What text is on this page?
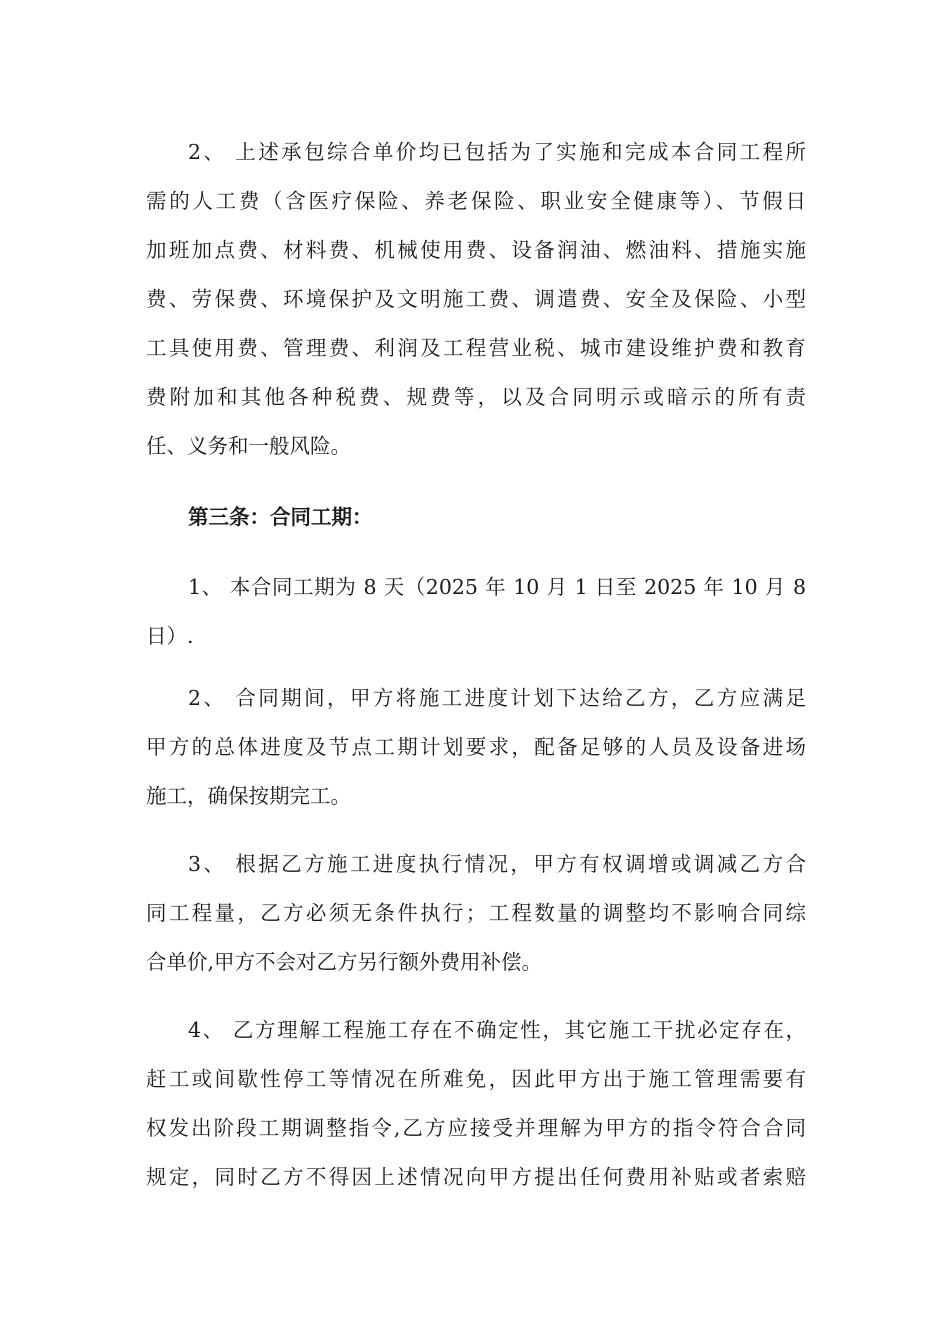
2、 上述承包综合单价均已包括为了实施和完成本合同工程所
需的人工费（含医疗保险、养老保险、职业安全健康等）、节假日
加班加点费、材料费、机械使用费、设备润油、燃油料、措施实施
费、劳保费、环境保护及文明施工费、调遣费、安全及保险、小型
工具使用费、管理费、利润及工程营业税、城市建设维护费和教育
费附加和其他各种税费、规费等，以及合同明示或暗示的所有责
任、义务和一般风险。
第三条：合同工期：
1、 本合同工期为 8 天（2025 年 10 月 1 日至 2025 年 10 月 8
日）.
2、 合同期间，甲方将施工进度计划下达给乙方，乙方应满足
甲方的总体进度及节点工期计划要求，配备足够的人员及设备进场
施工，确保按期完工。
3、 根据乙方施工进度执行情况，甲方有权调增或调减乙方合
同工程量，乙方必须无条件执行；工程数量的调整均不影响合同综
合单价,甲方不会对乙方另行额外费用补偿。
4、 乙方理解工程施工存在不确定性，其它施工干扰必定存在，
赶工或间歇性停工等情况在所难免，因此甲方出于施工管理需要有
权发出阶段工期调整指令,乙方应接受并理解为甲方的指令符合合同
规定，同时乙方不得因上述情况向甲方提出任何费用补贴或者索赔
